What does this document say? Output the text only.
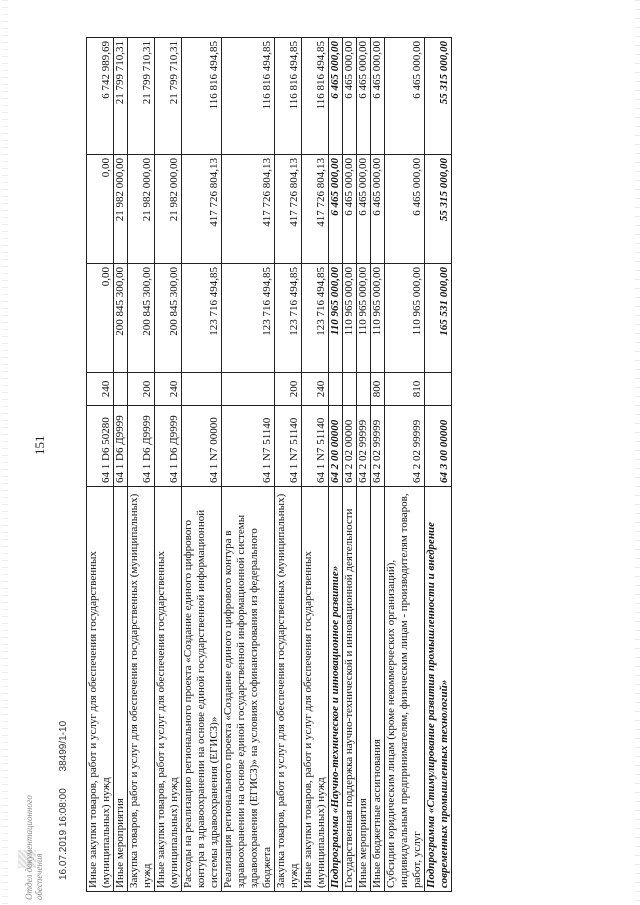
151
Иные закупки товаров, работ и услуг для обеспечения государственных (муниципальных) нужд	64 1 D6 50280	240	0,00	0,00	6 742 989,69
Иные мероприятия	64 1 D6 Д9999		200 845 300,00	21 982 000,00	21 799 710,31
Закупка товаров, работ и услуг для обеспечения государственных (муниципальных) нужд	64 1 D6 Д9999	200	200 845 300,00	21 982 000,00	21 799 710,31
Иные закупки товаров, работ и услуг для обеспечения государственных (муниципальных) нужд	64 1 D6 Д9999	240	200 845 300,00	21 982 000,00	21 799 710,31
Расходы на реализацию регионального проекта «Создание единого цифрового контура в здравоохранении на основе единой государственной информационной системы здравоохранения (ЕГИСЗ)»	64 1 N7 00000		123 716 494,85	417 726 804,13	116 816 494,85
Реализация регионального проекта «Создание единого цифрового контура в здравоохранении на основе единой государственной информационной системы здравоохранения (ЕГИСЗ)» на условиях софинансирования из федерального бюджета	64 1 N7 51140		123 716 494,85	417 726 804,13	116 816 494,85
Закупка товаров, работ и услуг для обеспечения государственных (муниципальных) нужд	64 1 N7 51140	200	123 716 494,85	417 726 804,13	116 816 494,85
Иные закупки товаров, работ и услуг для обеспечения государственных (муниципальных) нужд	64 1 N7 51140	240	123 716 494,85	417 726 804,13	116 816 494,85
Подпрограмма «Научно-техническое и инновационное развитие»	64 2 00 00000		110 965 000,00	6 465 000,00	6 465 000,00
Государственная поддержка научно-технической и инновационной деятельности	64 2 02 00000		110 965 000,00	6 465 000,00	6 465 000,00
Иные мероприятия	64 2 02 99999		110 965 000,00	6 465 000,00	6 465 000,00
Иные бюджетные ассигнования	64 2 02 99999	800	110 965 000,00	6 465 000,00	6 465 000,00
Субсидии юридическим лицам (кроме некоммерческих организаций), индивидуальным предпринимателям, физическим лицам - производителям товаров, работ, услуг	64 2 02 99999	810	110 965 000,00	6 465 000,00	6 465 000,00
Подпрограмма «Стимулирование развития промышленности и внедрение современных промышленных технологий»	64 3 00 00000		165 531 000,00	55 315 000,00	55 315 000,00
16.07.2019 16:08:00 38499/1-10
Отдел документационного обеспечения
